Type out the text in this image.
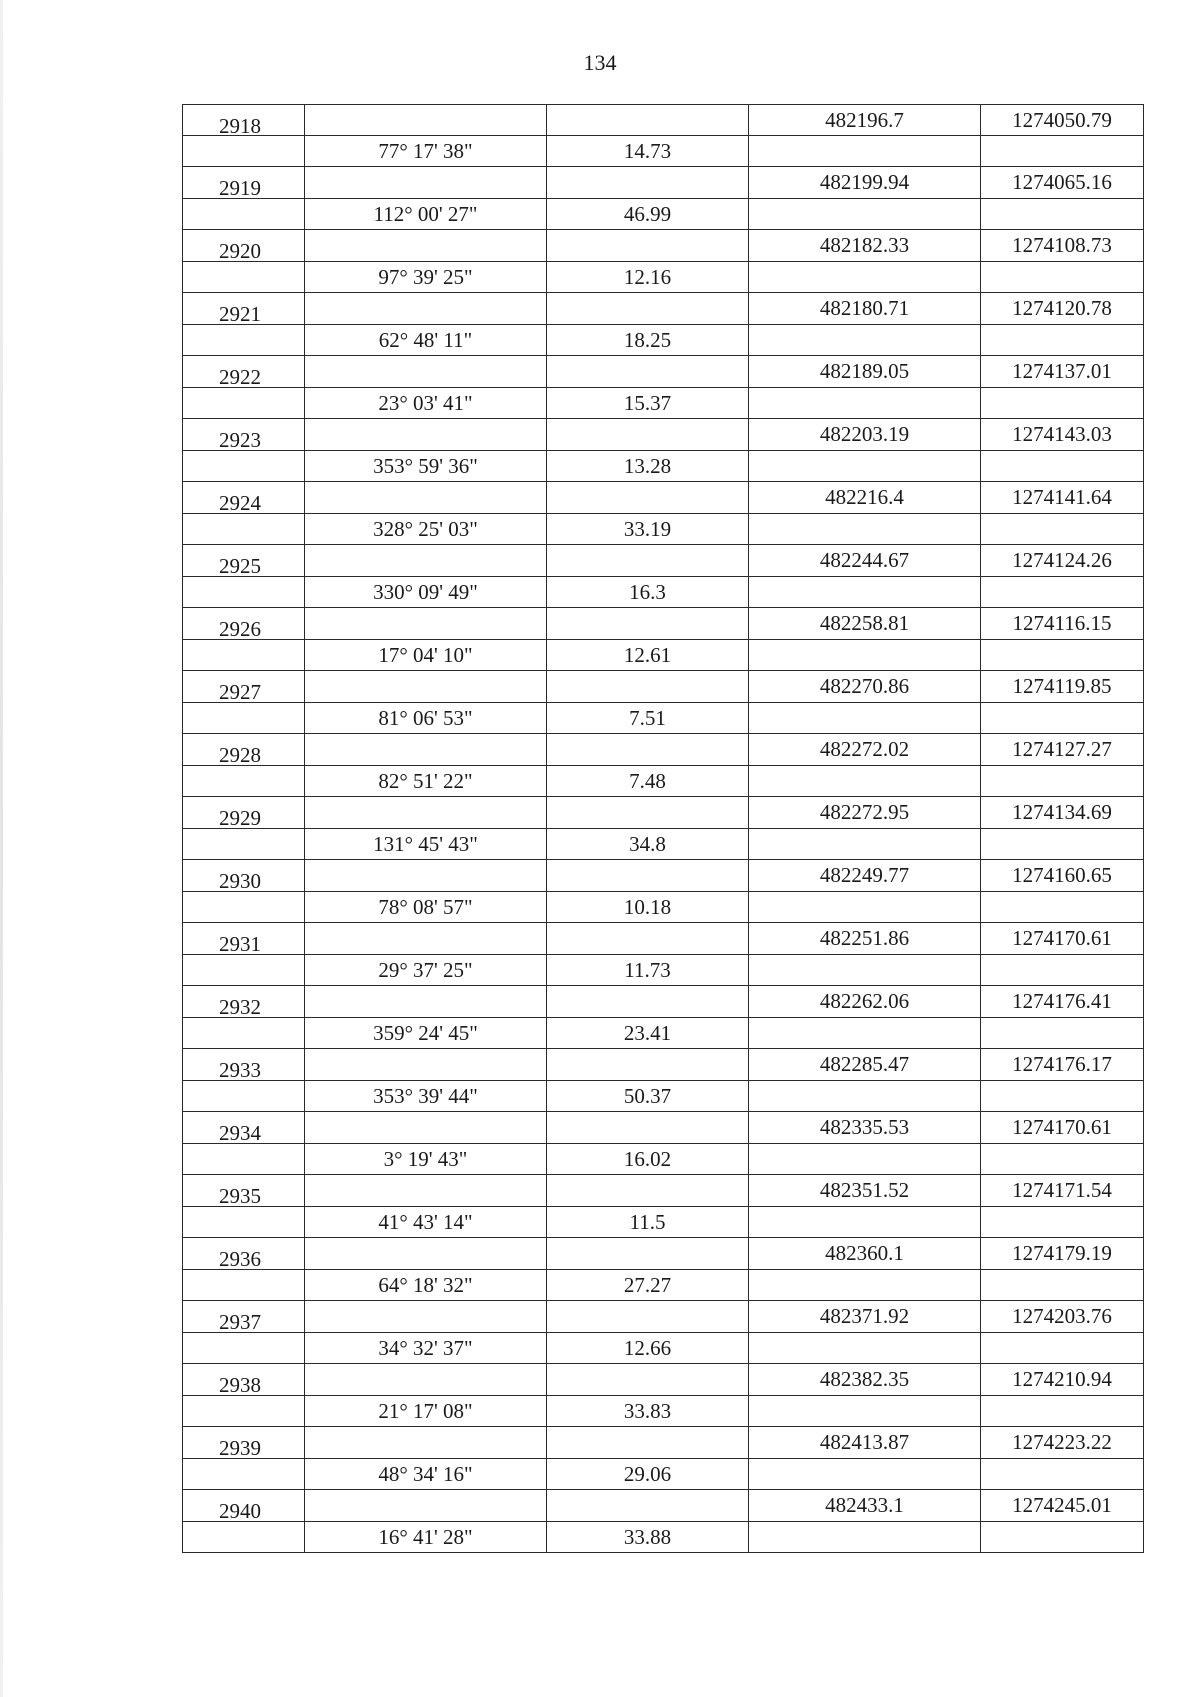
134
2918	482196.7	1274050.79
77° 17' 38"	14.73
2919	482199.94	1274065.16
112° 00' 27"	46.99
2920	482182.33	1274108.73
97° 39' 25"	12.16
2921	482180.71	1274120.78
62° 48' 11"	18.25
2922	482189.05	1274137.01
23° 03' 41"	15.37
2923	482203.19	1274143.03
353° 59' 36"	13.28
2924	482216.4	1274141.64
328° 25' 03"	33.19
2925	482244.67	1274124.26
330° 09' 49"	16.3
2926	482258.81	1274116.15
17° 04' 10"	12.61
2927	482270.86	1274119.85
81° 06' 53"	7.51
2928	482272.02	1274127.27
82° 51' 22"	7.48
2929	482272.95	1274134.69
131° 45' 43"	34.8
2930	482249.77	1274160.65
78° 08' 57"	10.18
2931	482251.86	1274170.61
29° 37' 25"	11.73
2932	482262.06	1274176.41
359° 24' 45"	23.41
2933	482285.47	1274176.17
353° 39' 44"	50.37
2934	482335.53	1274170.61
3° 19' 43"	16.02
2935	482351.52	1274171.54
41° 43' 14"	11.5
2936	482360.1	1274179.19
64° 18' 32"	27.27
2937	482371.92	1274203.76
34° 32' 37"	12.66
2938	482382.35	1274210.94
21° 17' 08"	33.83
2939	482413.87	1274223.22
48° 34' 16"	29.06
2940	482433.1	1274245.01
16° 41' 28"	33.88
